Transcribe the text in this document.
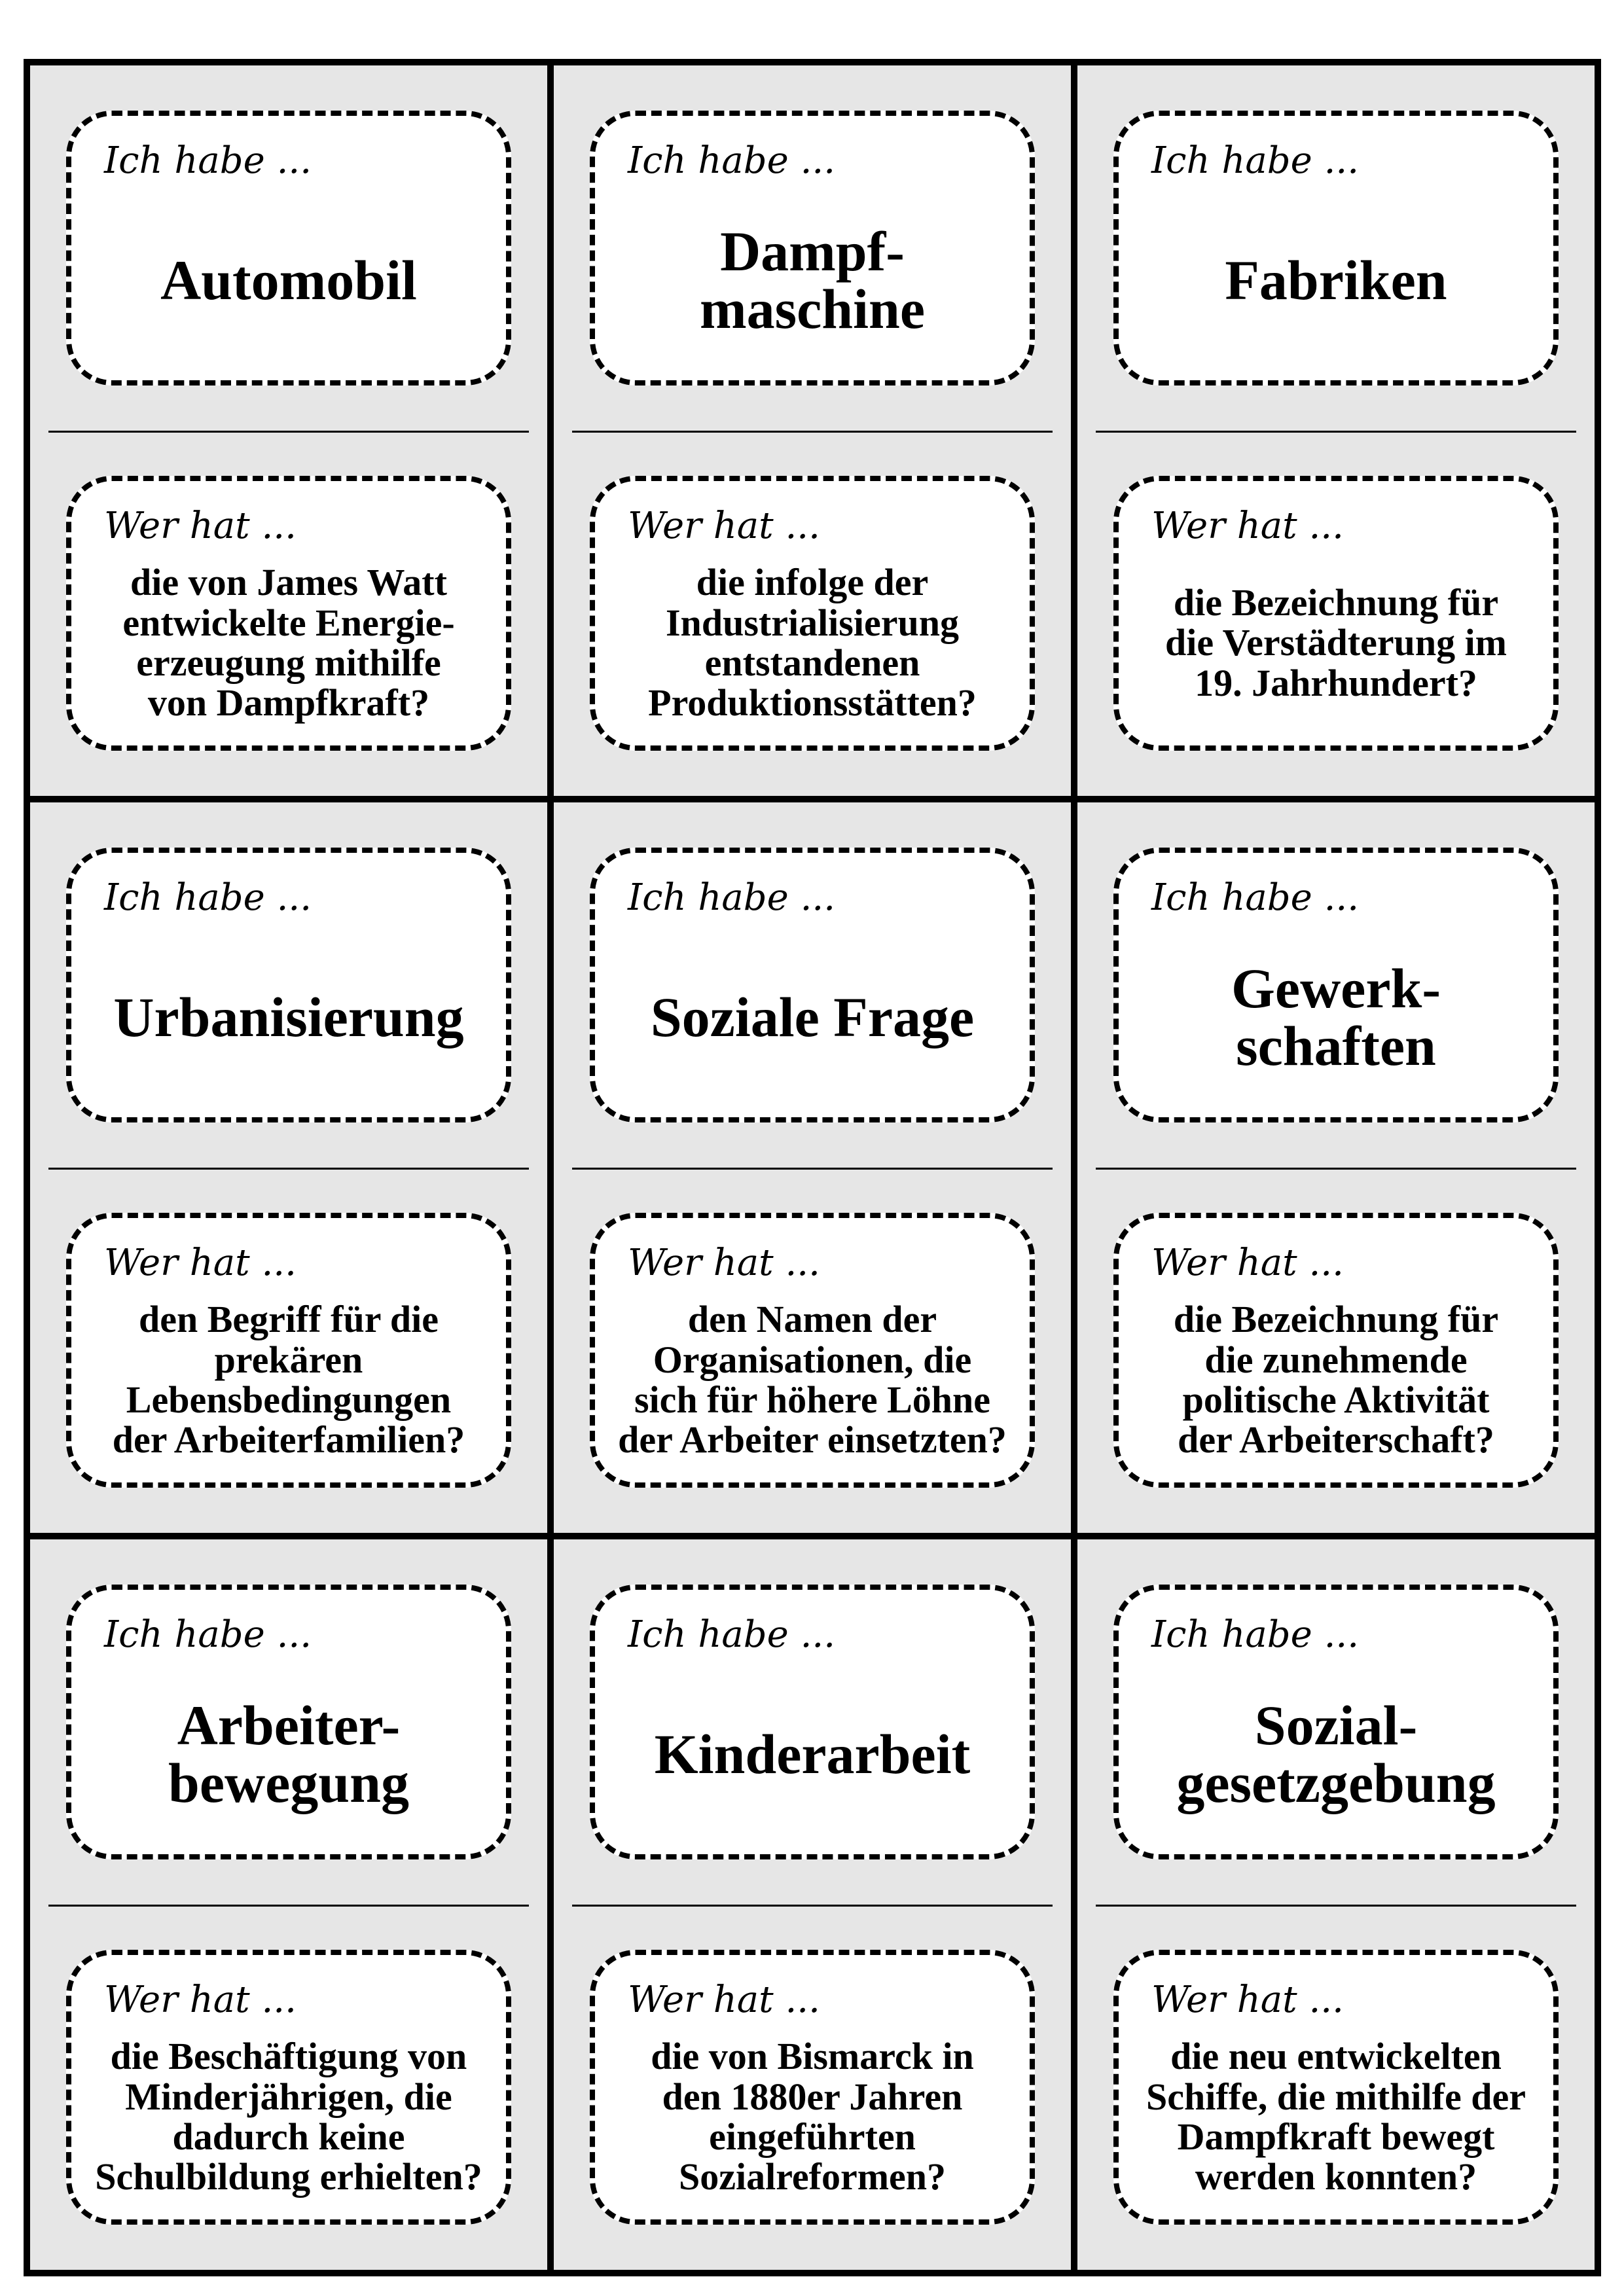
Ich habe ...
Automobil
Wer hat ...
die von James Watt
entwickelte Energie-
erzeugung mithilfe
von Dampfkraft?
Ich habe ...
Dampf-
maschine
Wer hat ...
die infolge der
Industrialisierung
entstandenen
Produktionsstätten?
Ich habe ...
Fabriken
Wer hat ...
die Bezeichnung für
die Verstädterung im
19. Jahrhundert?
Ich habe ...
Urbanisierung
Wer hat ...
den Begriff für die
prekären
Lebensbedingungen
der Arbeiterfamilien?
Ich habe ...
Soziale Frage
Wer hat ...
den Namen der
Organisationen, die
sich für höhere Löhne
der Arbeiter einsetzten?
Ich habe ...
Gewerk-
schaften
Wer hat ...
die Bezeichnung für
die zunehmende
politische Aktivität
der Arbeiterschaft?
Ich habe ...
Arbeiter-
bewegung
Wer hat ...
die Beschäftigung von
Minderjährigen, die
dadurch keine
Schulbildung erhielten?
Ich habe ...
Kinderarbeit
Wer hat ...
die von Bismarck in
den 1880er Jahren
eingeführten
Sozialreformen?
Ich habe ...
Sozial-
gesetzgebung
Wer hat ...
die neu entwickelten
Schiffe, die mithilfe der
Dampfkraft bewegt
werden konnten?
